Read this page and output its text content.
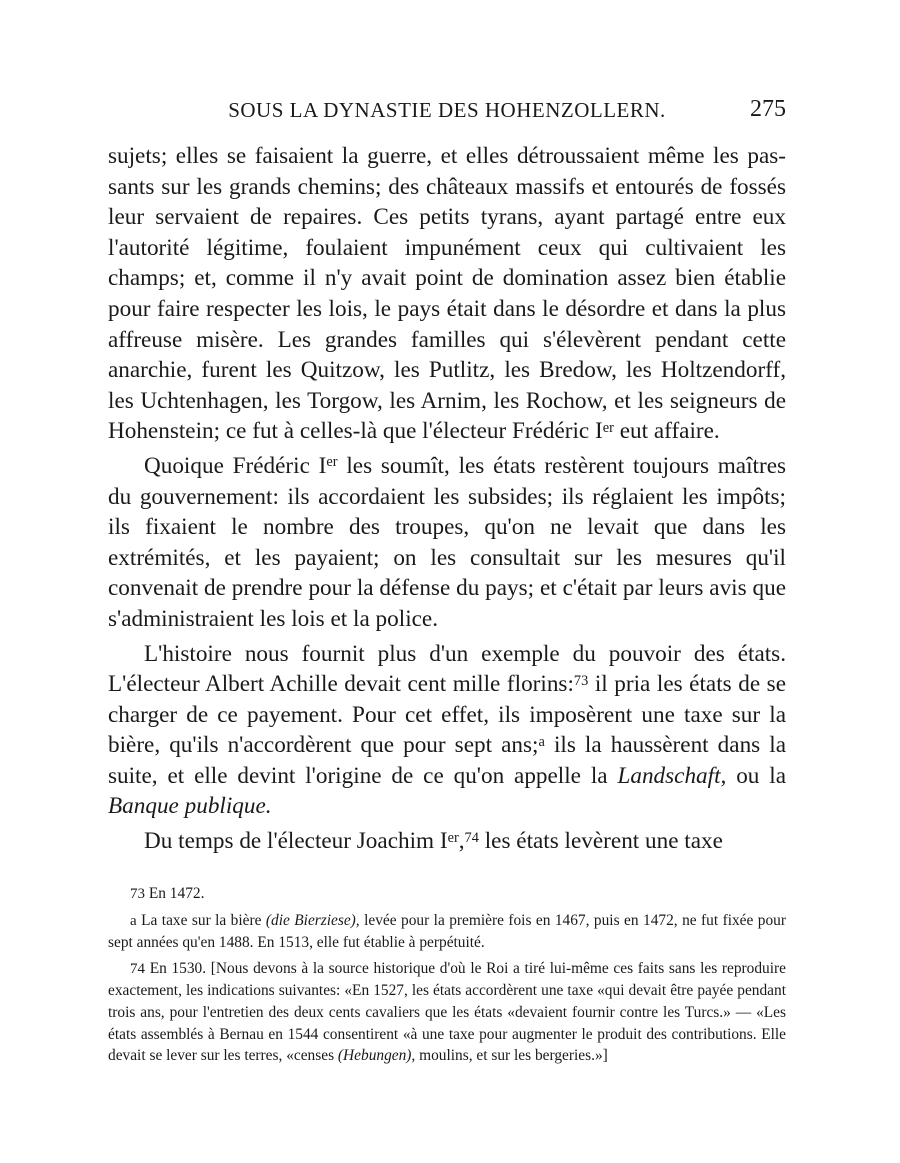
SOUS LA DYNASTIE DES HOHENZOLLERN.	275

sujets; elles se faisaient la guerre, et elles détroussaient même les passants sur les grands chemins; des châteaux massifs et entourés de fossés leur servaient de repaires. Ces petits tyrans, ayant partagé entre eux l'autorité légitime, foulaient impunément ceux qui cultivaient les champs; et, comme il n'y avait point de domination assez bien établie pour faire respecter les lois, le pays était dans le désordre et dans la plus affreuse misère. Les grandes familles qui s'élevèrent pendant cette anarchie, furent les Quitzow, les Putlitz, les Bredow, les Holtzendorff, les Uchtenhagen, les Torgow, les Arnim, les Rochow, et les seigneurs de Hohenstein; ce fut à celles-là que l'électeur Frédéric Ier eut affaire.

Quoique Frédéric Ier les soumît, les états restèrent toujours maîtres du gouvernement: ils accordaient les subsides; ils réglaient les impôts; ils fixaient le nombre des troupes, qu'on ne levait que dans les extrémités, et les payaient; on les consultait sur les mesures qu'il convenait de prendre pour la défense du pays; et c'était par leurs avis que s'administraient les lois et la police.

L'histoire nous fournit plus d'un exemple du pouvoir des états. L'électeur Albert Achille devait cent mille florins:$^{73}$ il pria les états de se charger de ce payement. Pour cet effet, ils imposèrent une taxe sur la bière, qu'ils n'accordèrent que pour sept ans;$^a$ ils la haussèrent dans la suite, et elle devint l'origine de ce qu'on appelle la Landschaft, ou la Banque publique.

Du temps de l'électeur Joachim Ier,$^{74}$ les états levèrent une taxe

73 En 1472.

a La taxe sur la bière (die Bierziese), levée pour la première fois en 1467, puis en 1472, ne fut fixée pour sept années qu'en 1488. En 1513, elle fut établie à perpétuité.

74 En 1530. [Nous devons à la source historique d'où le Roi a tiré lui-même ces faits sans les reproduire exactement, les indications suivantes: «En 1527, les états accordèrent une taxe «qui devait être payée pendant trois ans, pour l'entretien des deux cents cavaliers que les états «devaient fournir contre les Turcs.» — «Les états assemblés à Bernau en 1544 consentirent «à une taxe pour augmenter le produit des contributions. Elle devait se lever sur les terres, «censes (Hebungen), moulins, et sur les bergeries.»]
